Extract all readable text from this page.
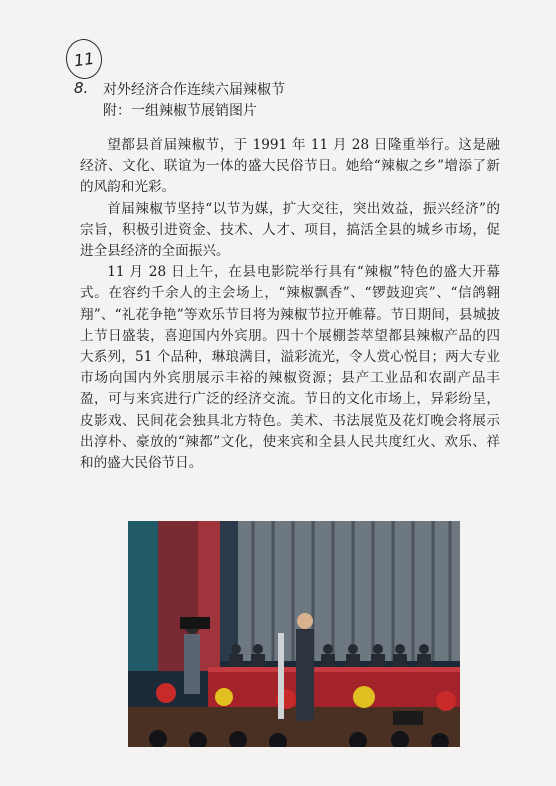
11
8. 对外经济合作连续六届辣椒节
附：一组辣椒节展销图片

望都县首届辣椒节，于 1991 年 11 月 28 日隆重举行。这是融经济、文化、联谊为一体的盛大民俗节日。她给“辣椒之乡”增添了新的风韵和光彩。

首届辣椒节坚持“以节为媒，扩大交往，突出效益，振兴经济”的宗旨，积极引进资金、技术、人才、项目，搞活全县的城乡市场，促进全县经济的全面振兴。

11 月 28 日上午，在县电影院举行具有“辣椒”特色的盛大开幕式。在容约千余人的主会场上，“辣椒飘香”、“锣鼓迎宾”、“信鸽翱翔”、“礼花争艳”等欢乐节目将为辣椒节拉开帷幕。节日期间，县城披上节日盛装，喜迎国内外宾朋。四十个展棚荟萃望都县辣椒产品的四大系列，51 个品种，琳琅满目，溢彩流光，令人赏心悦目；两大专业市场向国内外宾朋展示丰裕的辣椒资源；县产工业品和农副产品丰盈，可与来宾进行广泛的经济交流。节日的文化市场上，异彩纷呈，皮影戏、民间花会独具北方特色。美术、书法展览及花灯晚会将展示出淳朴、豪放的“辣都”文化，使来宾和全县人民共度红火、欢乐、祥和的盛大民俗节日。
